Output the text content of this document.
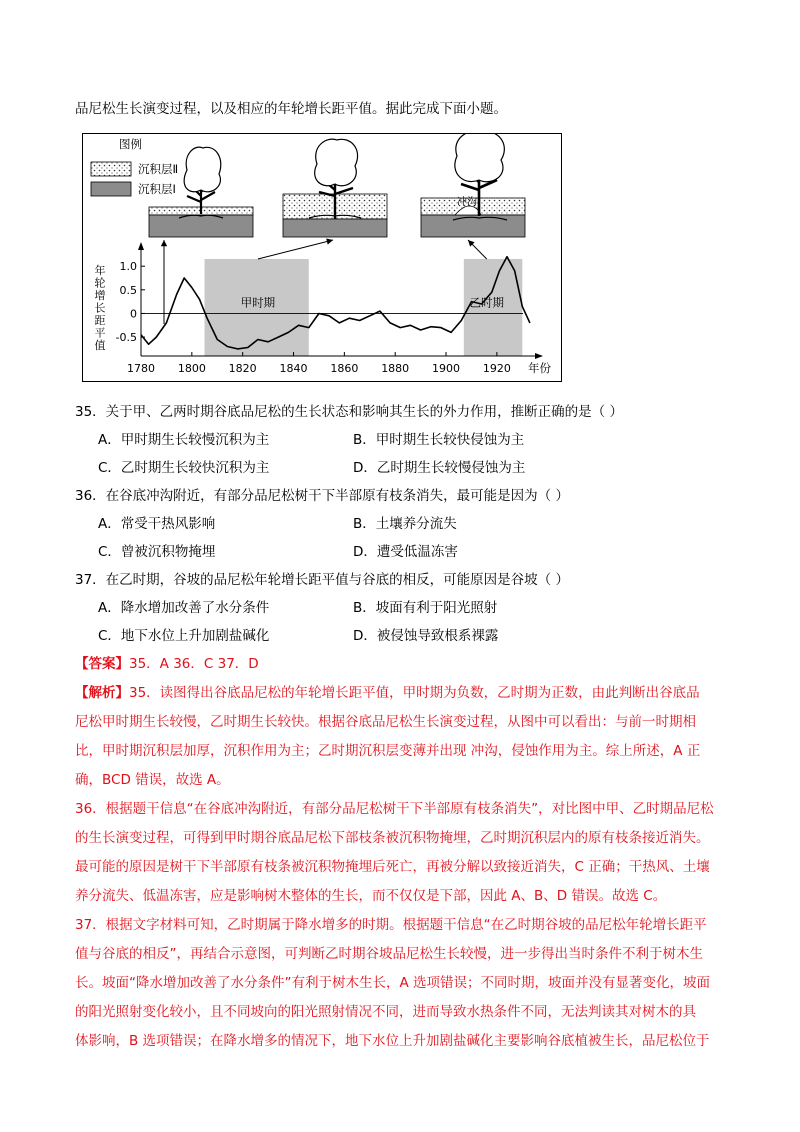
品尼松生长演变过程，以及相应的年轮增长距平值。据此完成下面小题。
图例
沉积层Ⅱ
沉积层Ⅰ
冲沟
1.0
0.5
0
-0.5
1780 1800 1820 1840 1860 1880 1900 1920 年份
年
轮
增
长
距
平
值
甲时期	乙时期
35．关于甲、乙两时期谷底品尼松的生长状态和影响其生长的外力作用，推断正确的是（ ）
A．甲时期生长较慢沉积为主	B．甲时期生长较快侵蚀为主
C．乙时期生长较快沉积为主	D．乙时期生长较慢侵蚀为主
36．在谷底冲沟附近，有部分品尼松树干下半部原有枝条消失，最可能是因为（ ）
A．常受干热风影响	B．土壤养分流失
C．曾被沉积物掩埋	D．遭受低温冻害
37．在乙时期，谷坡的品尼松年轮增长距平值与谷底的相反，可能原因是谷坡（ ）
A．降水增加改善了水分条件	B．坡面有利于阳光照射
C．地下水位上升加剧盐碱化	D．被侵蚀导致根系裸露
【答案】35．A 36．C 37．D
【解析】35．读图得出谷底品尼松的年轮增长距平值，甲时期为负数，乙时期为正数，由此判断出谷底品
尼松甲时期生长较慢，乙时期生长较快。根据谷底品尼松生长演变过程，从图中可以看出：与前一时期相
比，甲时期沉积层加厚，沉积作用为主；乙时期沉积层变薄并出现 冲沟，侵蚀作用为主。综上所述，A 正
确，BCD 错误，故选 A。
36．根据题干信息“在谷底冲沟附近，有部分品尼松树干下半部原有枝条消失”，对比图中甲、乙时期品尼松
的生长演变过程，可得到甲时期谷底品尼松下部枝条被沉积物掩埋，乙时期沉积层内的原有枝条接近消失。
最可能的原因是树干下半部原有枝条被沉积物掩埋后死亡，再被分解以致接近消失，C 正确；干热风、土壤
养分流失、低温冻害，应是影响树木整体的生长，而不仅仅是下部，因此 A、B、D 错误。故选 C。
37．根据文字材料可知，乙时期属于降水增多的时期。根据题干信息“在乙时期谷坡的品尼松年轮增长距平
值与谷底的相反”，再结合示意图，可判断乙时期谷坡品尼松生长较慢，进一步得出当时条件不利于树木生
长。坡面“降水增加改善了水分条件”有利于树木生长，A 选项错误；不同时期，坡面并没有显著变化，坡面
的阳光照射变化较小，且不同坡向的阳光照射情况不同，进而导致水热条件不同，无法判读其对树木的具
体影响，B 选项错误；在降水增多的情况下，地下水位上升加剧盐碱化主要影响谷底植被生长，品尼松位于
